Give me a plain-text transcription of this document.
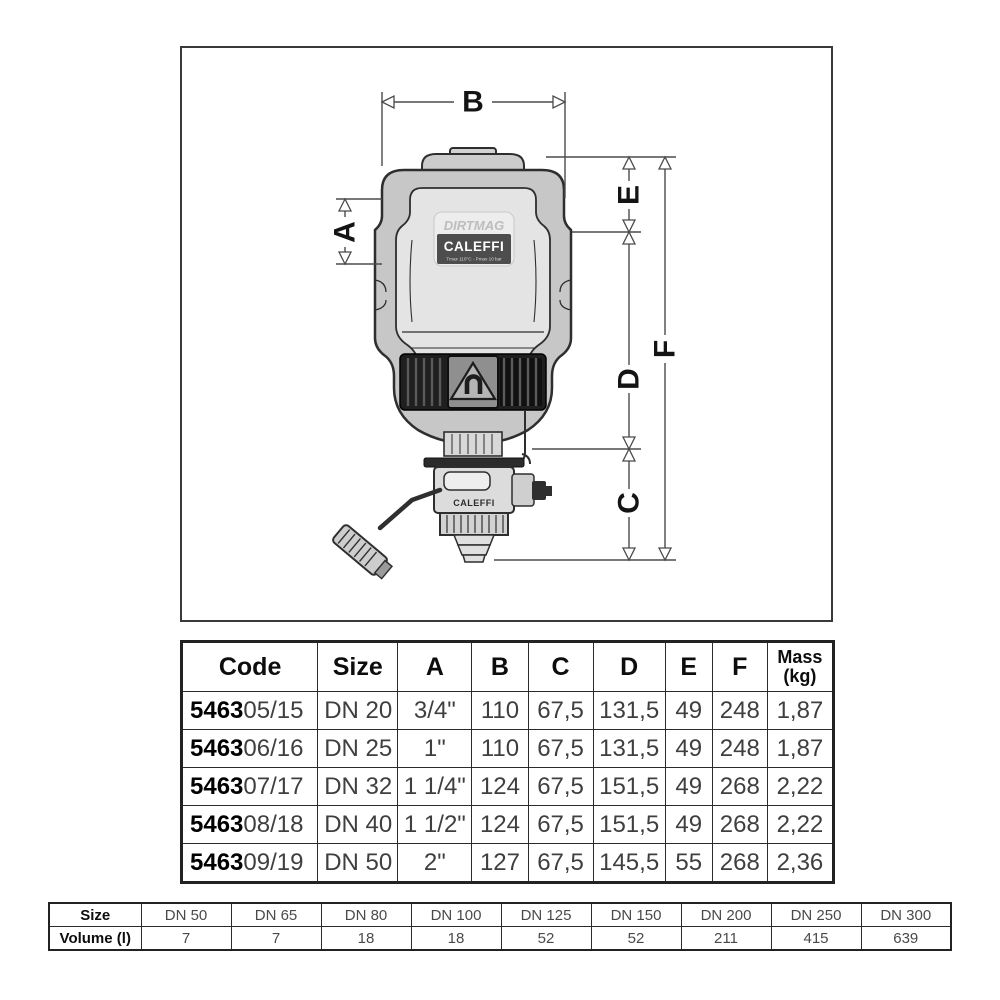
CALEFFI
DIRTMAG
CALEFFI
Tmax 110°C - Pmax 10 bar
B
A
E
D
C
F
Code	Size	A	B	C	D	E	F	Mass
(kg)
546305/15	DN 20	3/4"	110	67,5	131,5	49	248	1,87
546306/16	DN 25	1"	110	67,5	131,5	49	248	1,87
546307/17	DN 32	1 1/4"	124	67,5	151,5	49	268	2,22
546308/18	DN 40	1 1/2"	124	67,5	151,5	49	268	2,22
546309/19	DN 50	2"	127	67,5	145,5	55	268	2,36
Size	DN 50	DN 65	DN 80	DN 100	DN 125	DN 150	DN 200	DN 250	DN 300
Volume (l)	7	7	18	18	52	52	211	415	639
